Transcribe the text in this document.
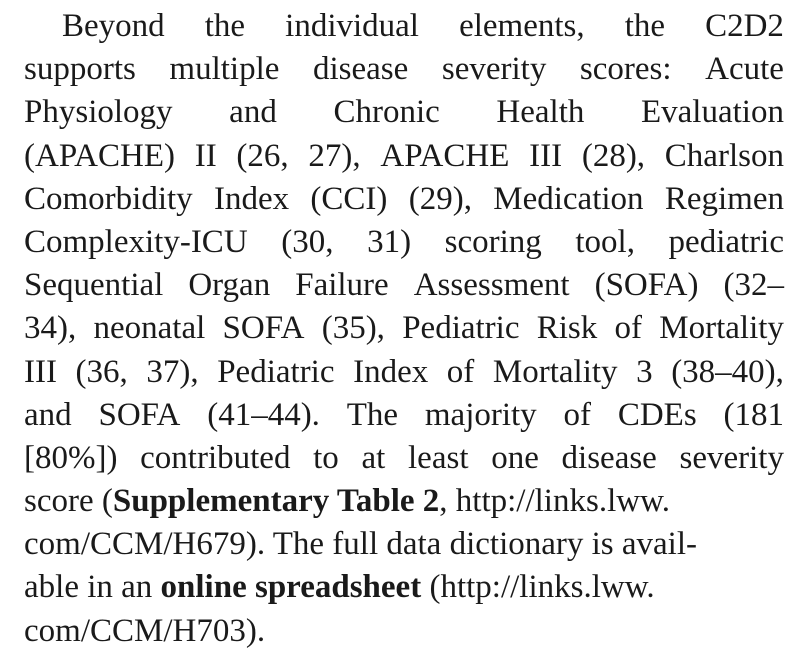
Beyond the individual elements, the C2D2
supports multiple disease severity scores: Acute
Physiology and Chronic Health Evaluation
(APACHE) II (26, 27), APACHE III (28), Charlson
Comorbidity Index (CCI) (29), Medication Regimen
Complexity-ICU (30, 31) scoring tool, pediatric
Sequential Organ Failure Assessment (SOFA) (32–
34), neonatal SOFA (35), Pediatric Risk of Mortality
III (36, 37), Pediatric Index of Mortality 3 (38–40),
and SOFA (41–44). The majority of CDEs (181
[80%]) contributed to at least one disease severity
score (Supplementary Table 2, http://links.lww.
com/CCM/H679). The full data dictionary is avail-
able in an online spreadsheet (http://links.lww.
com/CCM/H703).
